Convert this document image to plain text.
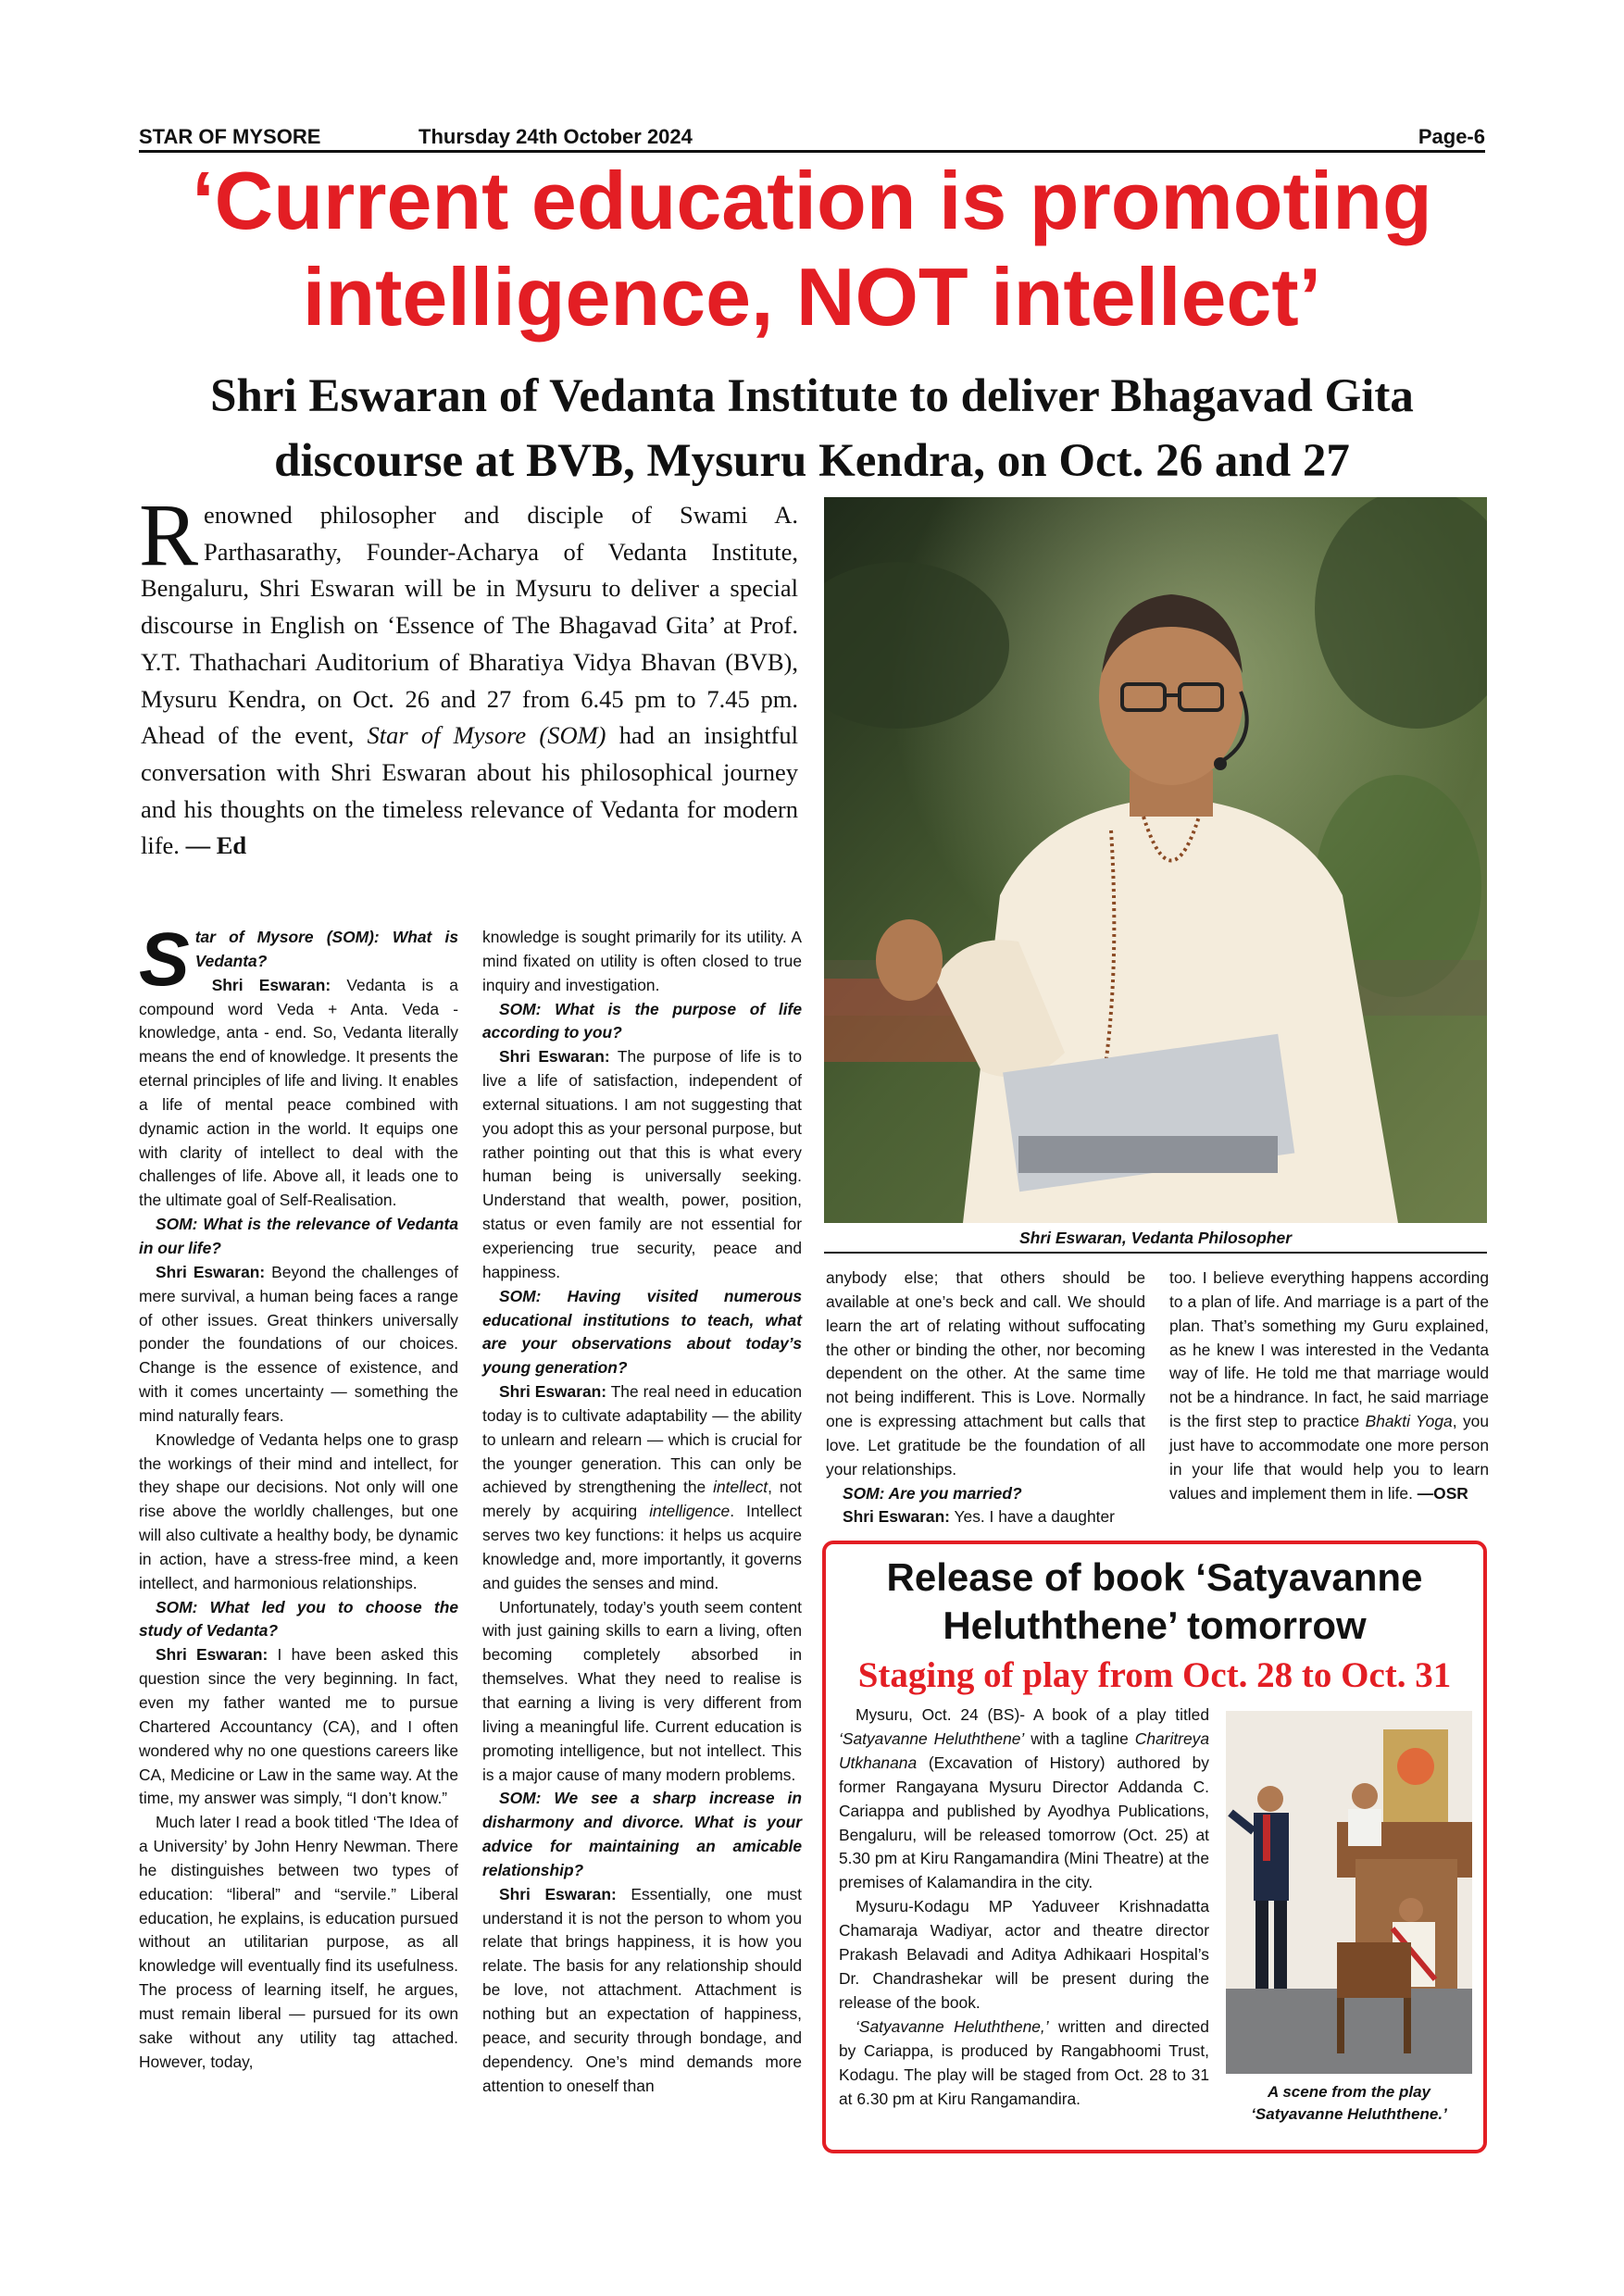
STAR OF MYSORE	Thursday 24th October 2024	Page-6
‘Current education is promoting intelligence, NOT intellect’
Shri Eswaran of Vedanta Institute to deliver Bhagavad Gita discourse at BVB, Mysuru Kendra, on Oct. 26 and 27

Renowned philosopher and disciple of Swami A. Parthasarathy, Founder-Acharya of Vedanta Institute, Bengaluru, Shri Eswaran will be in Mysuru to deliver a special discourse in English on ‘Essence of The Bhagavad Gita’ at Prof. Y.T. Thathachari Auditorium of Bharatiya Vidya Bhavan (BVB), Mysuru Kendra, on Oct. 26 and 27 from 6.45 pm to 7.45 pm. Ahead of the event, Star of Mysore (SOM) had an insightful conversation with Shri Eswaran about his philosophical journey and his thoughts on the timeless relevance of Vedanta for modern life. — Ed

Star of Mysore (SOM): What is Vedanta?

Shri Eswaran: Vedanta is a compound word Veda + Anta. Veda - knowledge, anta - end. So, Vedanta literally means the end of knowledge. It presents the eternal principles of life and living. It enables a life of mental peace combined with dynamic action in the world. It equips one with clarity of intellect to deal with the challenges of life. Above all, it leads one to the ultimate goal of Self-Realisation.

SOM: What is the relevance of Vedanta in our life?

Shri Eswaran: Beyond the challenges of mere survival, a human being faces a range of other issues. Great thinkers universally ponder the foundations of our choices. Change is the essence of existence, and with it comes uncertainty — something the mind naturally fears.

Knowledge of Vedanta helps one to grasp the workings of their mind and intellect, for they shape our decisions. Not only will one rise above the worldly challenges, but one will also cultivate a healthy body, be dynamic in action, have a stress-free mind, a keen intellect, and harmonious relationships.

SOM: What led you to choose the study of Vedanta?

Shri Eswaran: I have been asked this question since the very beginning. In fact, even my father wanted me to pursue Chartered Accountancy (CA), and I often wondered why no one questions careers like CA, Medicine or Law in the same way. At the time, my answer was simply, “I don’t know.”

Much later I read a book titled ‘The Idea of a University’ by John Henry Newman. There he distinguishes between two types of education: “liberal” and “servile.” Liberal education, he explains, is education pursued without an utilitarian purpose, as all knowledge will eventually find its usefulness. The process of learning itself, he argues, must remain liberal — pursued for its own sake without any utility tag attached. However, today,

knowledge is sought primarily for its utility. A mind fixated on utility is often closed to true inquiry and investigation.

SOM: What is the purpose of life according to you?

Shri Eswaran: The purpose of life is to live a life of satisfaction, independent of external situations. I am not suggesting that you adopt this as your personal purpose, but rather pointing out that this is what every human being is universally seeking. Understand that wealth, power, position, status or even family are not essential for experiencing true security, peace and happiness.

SOM: Having visited numerous educational institutions to teach, what are your observations about today’s young generation?

Shri Eswaran: The real need in education today is to cultivate adaptability — the ability to unlearn and relearn — which is crucial for the younger generation. This can only be achieved by strengthening the intellect, not merely by acquiring intelligence. Intellect serves two key functions: it helps us acquire knowledge and, more importantly, it governs and guides the senses and mind.

Unfortunately, today’s youth seem content with just gaining skills to earn a living, often becoming completely absorbed in themselves. What they need to realise is that earning a living is very different from living a meaningful life. Current education is promoting intelligence, but not intellect. This is a major cause of many modern problems.

SOM: We see a sharp increase in disharmony and divorce. What is your advice for maintaining an amicable relationship?

Shri Eswaran: Essentially, one must understand it is not the person to whom you relate that brings happiness, it is how you relate. The basis for any relationship should be love, not attachment. Attachment is nothing but an expectation of happiness, peace, and security through bondage, and dependency. One’s mind demands more attention to oneself than

Shri Eswaran, Vedanta Philosopher

anybody else; that others should be available at one’s beck and call. We should learn the art of relating without suffocating the other or binding the other, nor becoming dependent on the other. At the same time not being indifferent. This is Love. Normally one is expressing attachment but calls that love. Let gratitude be the foundation of all your relationships.

SOM: Are you married?

Shri Eswaran: Yes. I have a daughter

too. I believe everything happens according to a plan of life. And marriage is a part of the plan. That’s something my Guru explained, as he knew I was interested in the Vedanta way of life. He told me that marriage would not be a hindrance. In fact, he said marriage is the first step to practice Bhakti Yoga, you just have to accommodate one more person in your life that would help you to learn values and implement them in life. —OSR

Release of book ‘Satyavanne Heluththene’ tomorrow
Staging of play from Oct. 28 to Oct. 31

Mysuru, Oct. 24 (BS)- A book of a play titled ‘Satyavanne Heluththene’ with a tagline Charitreya Utkhanana (Excavation of History) authored by former Rangayana Mysuru Director Addanda C. Cariappa and published by Ayodhya Publications, Bengaluru, will be released tomorrow (Oct. 25) at 5.30 pm at Kiru Rangamandira (Mini Theatre) at the premises of Kalamandira in the city.

Mysuru-Kodagu MP Yaduveer Krishnadatta Chamaraja Wadiyar, actor and theatre director Prakash Belavadi and Aditya Adhikaari Hospital’s Dr. Chandrashekar will be present during the release of the book.

‘Satyavanne Heluththene,’ written and directed by Cariappa, is produced by Rangabhoomi Trust, Kodagu. The play will be staged from Oct. 28 to 31 at 6.30 pm at Kiru Rangamandira.	A scene from the play ‘Satyavanne Heluththene.’
